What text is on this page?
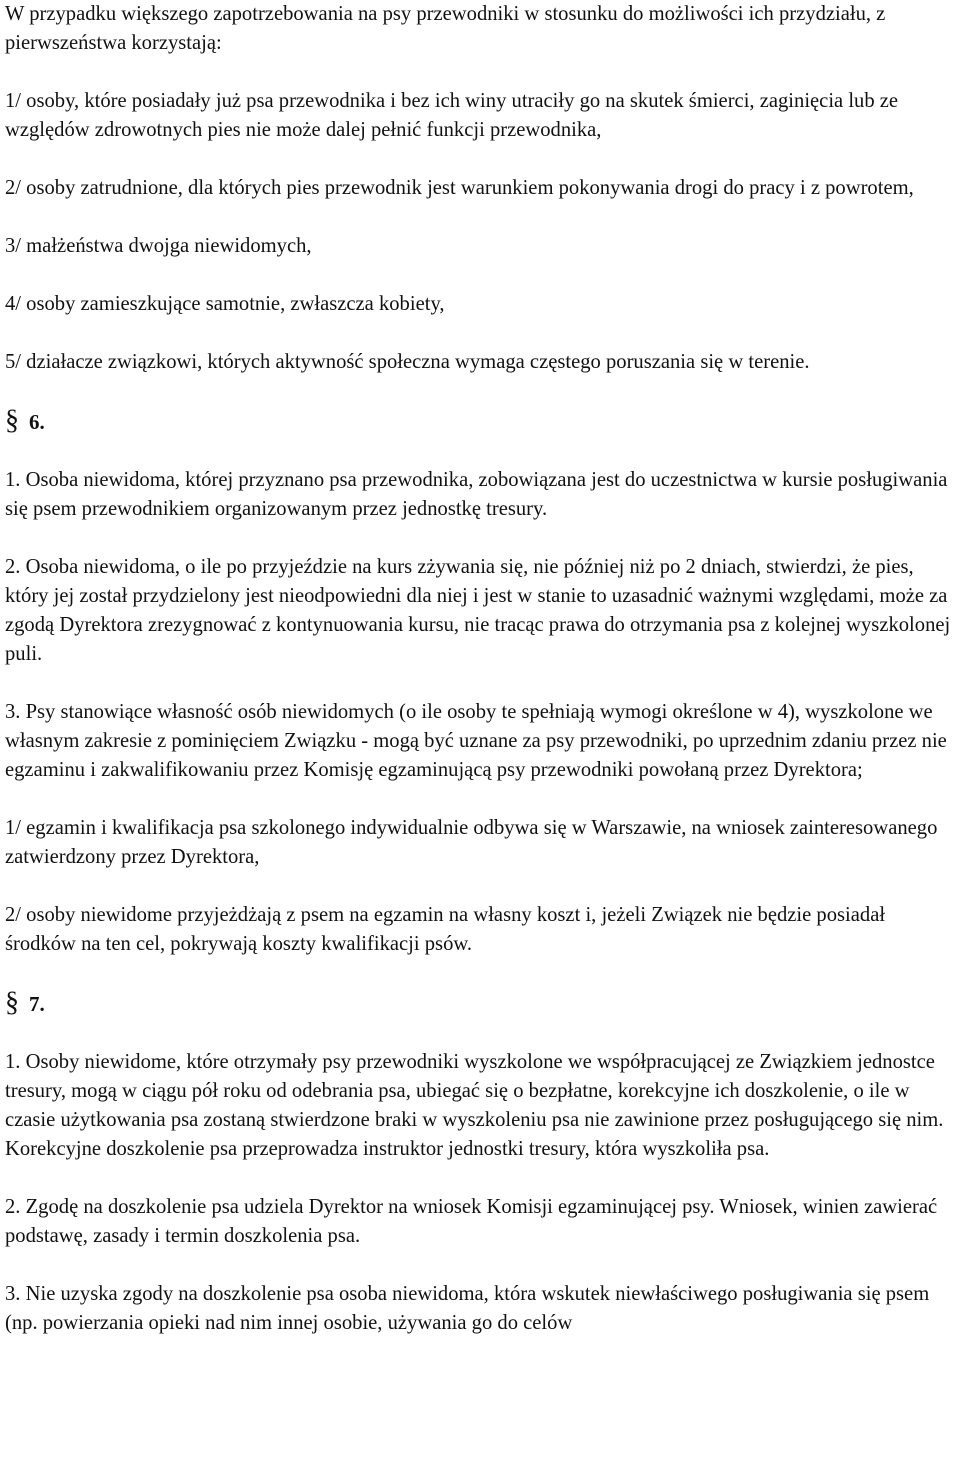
W przypadku większego zapotrzebowania na psy przewodniki w stosunku do możliwości ich przydziału, z pierwszeństwa korzystają:

1/ osoby, które posiadały już psa przewodnika i bez ich winy utraciły go na skutek śmierci, zaginięcia lub ze względów zdrowotnych pies nie może dalej pełnić funkcji przewodnika,

2/ osoby zatrudnione, dla których pies przewodnik jest warunkiem pokonywania drogi do pracy i z powrotem,

3/ małżeństwa dwojga niewidomych,

4/ osoby zamieszkujące samotnie, zwłaszcza kobiety,

5/ działacze związkowi, których aktywność społeczna wymaga częstego poruszania się w terenie.

§ 6.

1. Osoba niewidoma, której przyznano psa przewodnika, zobowiązana jest do uczestnictwa w kursie posługiwania się psem przewodnikiem organizowanym przez jednostkę tresury.

2. Osoba niewidoma, o ile po przyjeździe na kurs zżywania się, nie później niż po 2 dniach, stwierdzi, że pies, który jej został przydzielony jest nieodpowiedni dla niej i jest w stanie to uzasadnić ważnymi względami, może za zgodą Dyrektora zrezygnować z kontynuowania kursu, nie tracąc prawa do otrzymania psa z kolejnej wyszkolonej puli.

3. Psy stanowiące własność osób niewidomych (o ile osoby te spełniają wymogi określone w 4), wyszkolone we własnym zakresie z pominięciem Związku - mogą być uznane za psy przewodniki, po uprzednim zdaniu przez nie egzaminu i zakwalifikowaniu przez Komisję egzaminującą psy przewodniki powołaną przez Dyrektora;

1/ egzamin i kwalifikacja psa szkolonego indywidualnie odbywa się w Warszawie, na wniosek zainteresowanego zatwierdzony przez Dyrektora,

2/ osoby niewidome przyjeżdżają z psem na egzamin na własny koszt i, jeżeli Związek nie będzie posiadał środków na ten cel, pokrywają koszty kwalifikacji psów.

§ 7.

1. Osoby niewidome, które otrzymały psy przewodniki wyszkolone we współpracującej ze Związkiem jednostce tresury, mogą w ciągu pół roku od odebrania psa, ubiegać się o bezpłatne, korekcyjne ich doszkolenie, o ile w czasie użytkowania psa zostaną stwierdzone braki w wyszkoleniu psa nie zawinione przez posługującego się nim. Korekcyjne doszkolenie psa przeprowadza instruktor jednostki tresury, która wyszkoliła psa.

2. Zgodę na doszkolenie psa udziela Dyrektor na wniosek Komisji egzaminującej psy. Wniosek, winien zawierać podstawę, zasady i termin doszkolenia psa.

3. Nie uzyska zgody na doszkolenie psa osoba niewidoma, która wskutek niewłaściwego posługiwania się psem (np. powierzania opieki nad nim innej osobie, używania go do celów
